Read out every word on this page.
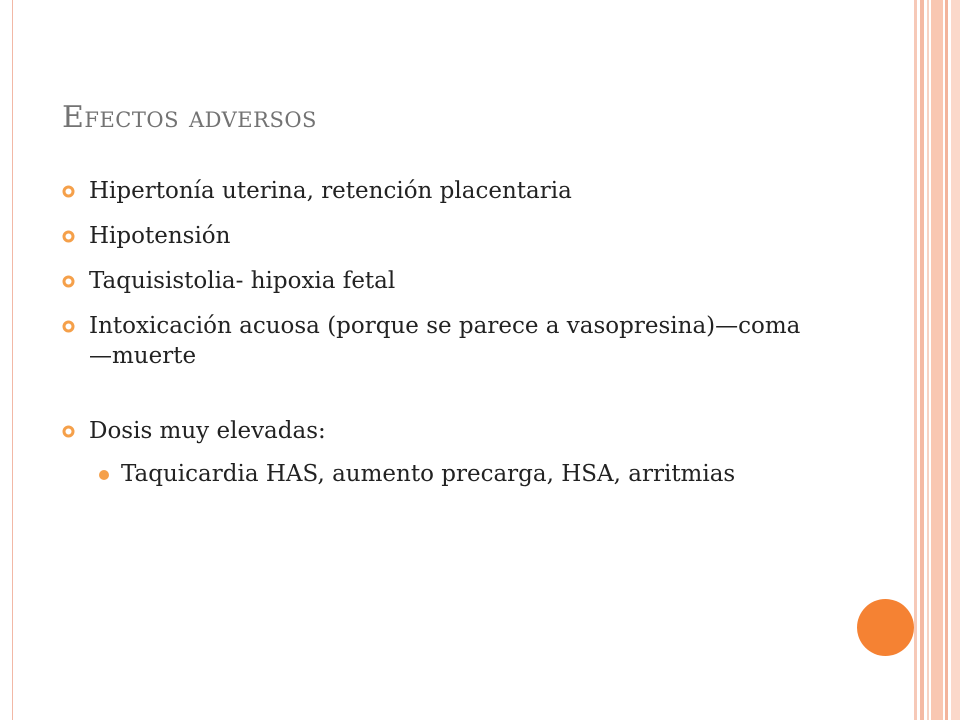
Efectos adversos
Hipertonía uterina, retención placentaria
Hipotensión
Taquisistolia- hipoxia fetal
Intoxicación acuosa (porque se parece a vasopresina)—coma—muerte
Dosis muy elevadas:
Taquicardia HAS, aumento precarga, HSA, arritmias
